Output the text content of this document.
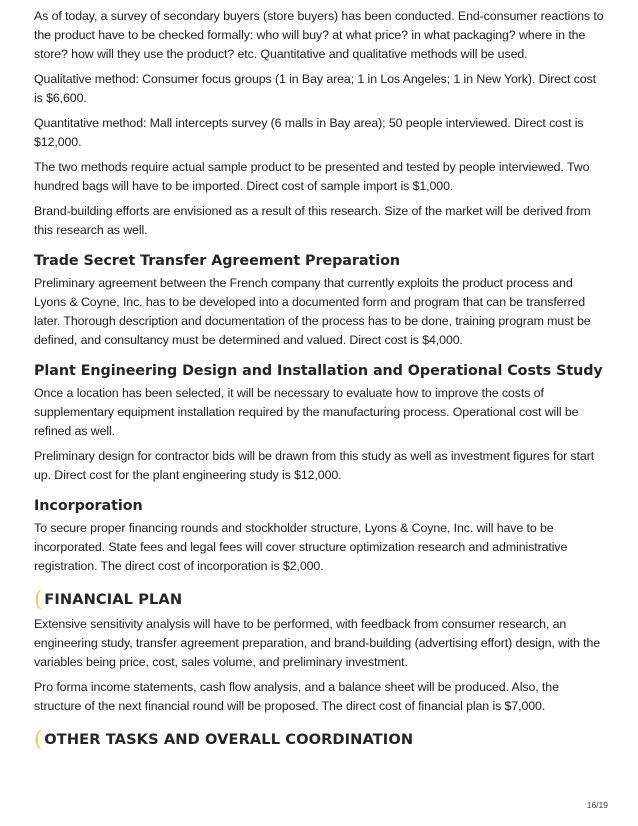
As of today, a survey of secondary buyers (store buyers) has been conducted. End-consumer reactions to the product have to be checked formally: who will buy? at what price? in what packaging? where in the store? how will they use the product? etc. Quantitative and qualitative methods will be used.

Qualitative method: Consumer focus groups (1 in Bay area; 1 in Los Angeles; 1 in New York). Direct cost is $6,600.

Quantitative method: Mall intercepts survey (6 malls in Bay area); 50 people interviewed. Direct cost is $12,000.

The two methods require actual sample product to be presented and tested by people interviewed. Two hundred bags will have to be imported. Direct cost of sample import is $1,000.

Brand-building efforts are envisioned as a result of this research. Size of the market will be derived from this research as well.

Trade Secret Transfer Agreement Preparation

Preliminary agreement between the French company that currently exploits the product process and Lyons & Coyne, Inc. has to be developed into a documented form and program that can be transferred later. Thorough description and documentation of the process has to be done, training program must be defined, and consultancy must be determined and valued. Direct cost is $4,000.

Plant Engineering Design and Installation and Operational Costs Study

Once a location has been selected, it will be necessary to evaluate how to improve the costs of supplementary equipment installation required by the manufacturing process. Operational cost will be refined as well.

Preliminary design for contractor bids will be drawn from this study as well as investment figures for start up. Direct cost for the plant engineering study is $12,000.

Incorporation

To secure proper financing rounds and stockholder structure, Lyons & Coyne, Inc. will have to be incorporated. State fees and legal fees will cover structure optimization research and administrative registration. The direct cost of incorporation is $2,000.

( FINANCIAL PLAN

Extensive sensitivity analysis will have to be performed, with feedback from consumer research, an engineering study, transfer agreement preparation, and brand-building (advertising effort) design, with the variables being price, cost, sales volume, and preliminary investment.

Pro forma income statements, cash flow analysis, and a balance sheet will be produced. Also, the structure of the next financial round will be proposed. The direct cost of financial plan is $7,000.

( OTHER TASKS AND OVERALL COORDINATION
16/19
